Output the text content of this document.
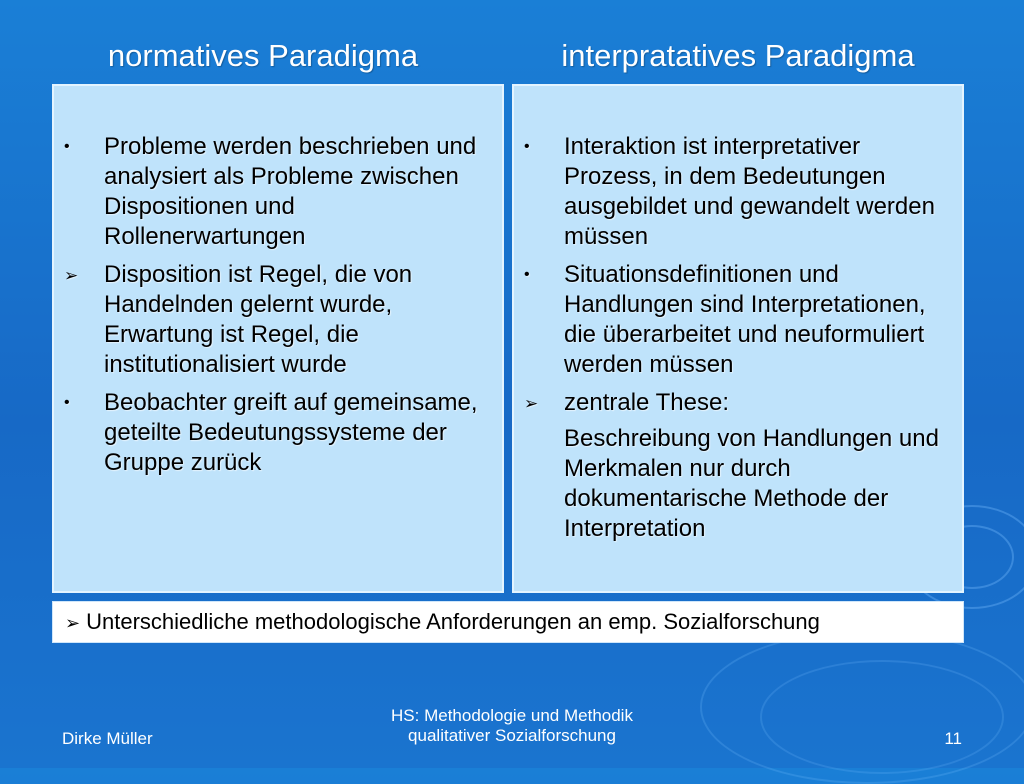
normatives Paradigma	interpratatives Paradigma
•	Probleme werden beschrieben und analysiert als Probleme zwischen Dispositionen und Rollenerwartungen
➢	Disposition ist Regel, die von Handelnden gelernt wurde, Erwartung ist Regel, die institutionalisiert wurde
•	Beobachter greift auf gemeinsame, geteilte Bedeutungssysteme der Gruppe zurück
•	Interaktion ist interpretativer Prozess, in dem Bedeutungen ausgebildet und gewandelt werden müssen
•	Situationsdefinitionen und Handlungen sind Interpretationen, die überarbeitet und neuformuliert werden müssen
➢	zentrale These:
Beschreibung von Handlungen und Merkmalen nur durch dokumentarische Methode der Interpretation
➢ Unterschiedliche methodologische Anforderungen an emp. Sozialforschung
Dirke Müller
HS: Methodologie und Methodik
qualitativer Sozialforschung	11
